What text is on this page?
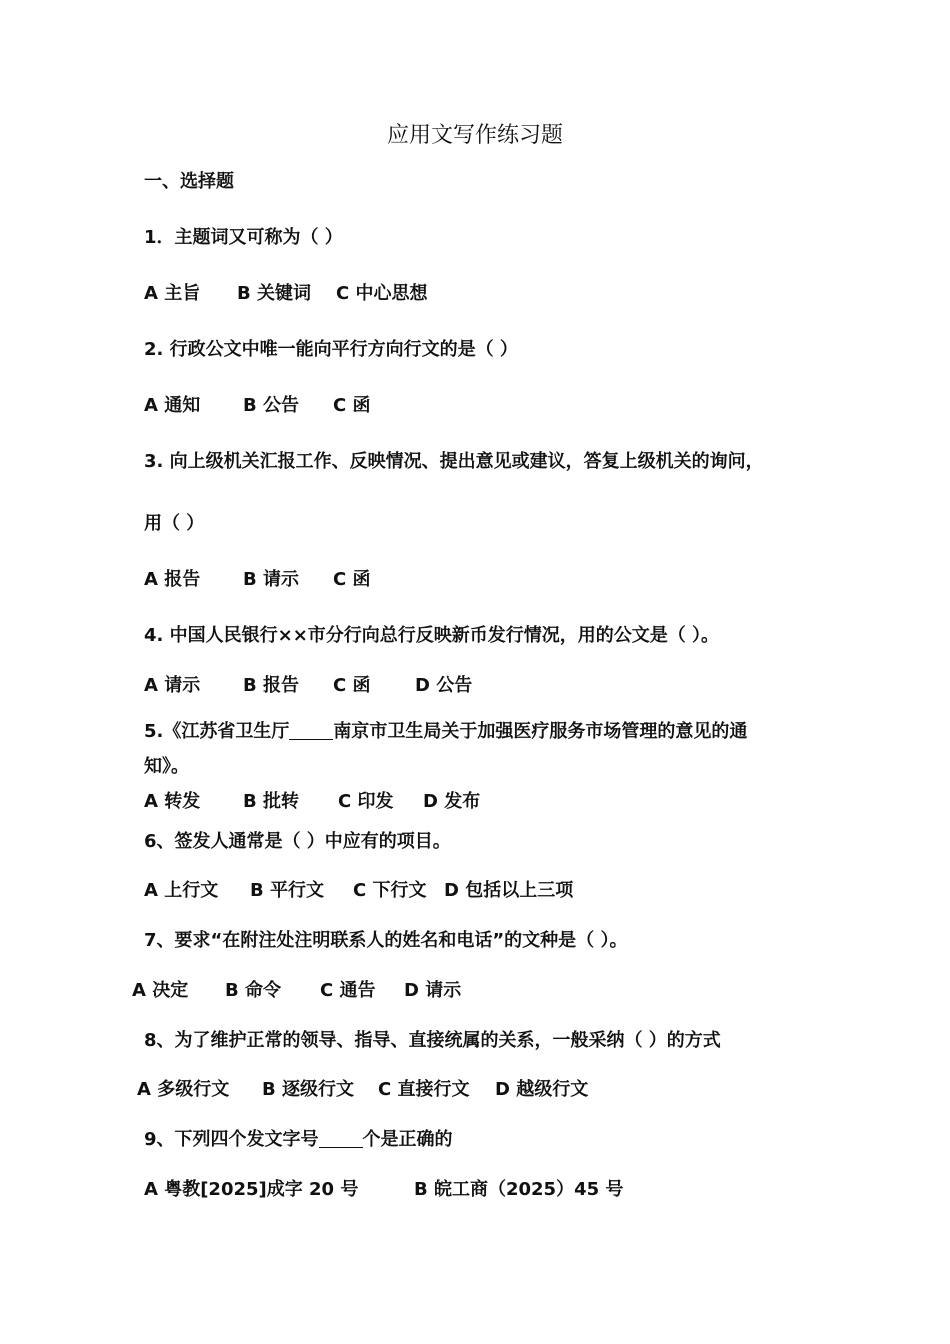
应用文写作练习题
一、选择题
1．主题词又可称为（ ）
A 主旨 B 关键词 C 中心思想
2. 行政公文中唯一能向平行方向行文的是（ ）
A 通知 B 公告 C 函
3. 向上级机关汇报工作、反映情况、提出意见或建议，答复上级机关的询问，
用（ ）
A 报告 B 请示 C 函
4. 中国人民银行××市分行向总行反映新币发行情况，用的公文是（ ）。
A 请示 B 报告 C 函 D 公告
5.《江苏省卫生厅 南京市卫生局关于加强医疗服务市场管理的意见的通
知》。
A 转发 B 批转 C 印发 D 发布
6、签发人通常是（ ）中应有的项目。
A 上行文 B 平行文 C 下行文 D 包括以上三项
7、要求“在附注处注明联系人的姓名和电话”的文种是（ ）。
A 决定 B 命令 C 通告 D 请示
8、为了维护正常的领导、指导、直接统属的关系，一般采纳（ ）的方式
A 多级行文 B 逐级行文 C 直接行文 D 越级行文
9、下列四个发文字号 个是正确的
A 粤教[2025]成字 20 号	B 皖工商（2025）45 号
